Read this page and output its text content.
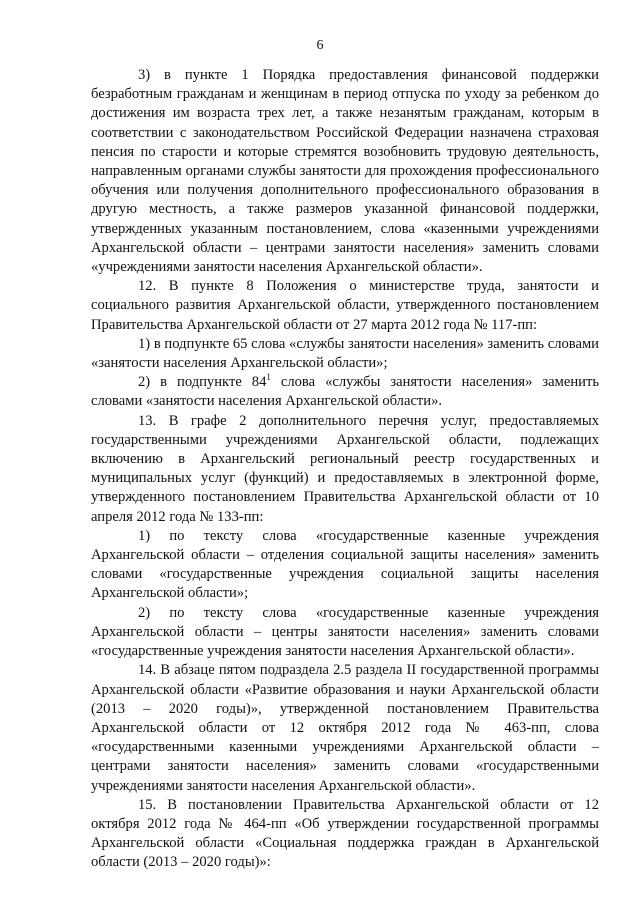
6

3) в пункте 1 Порядка предоставления финансовой поддержки безработным гражданам и женщинам в период отпуска по уходу за ребенком до достижения им возраста трех лет, а также незанятым гражданам, которым в соответствии с законодательством Российской Федерации назначена страховая пенсия по старости и которые стремятся возобновить трудовую деятельность, направленным органами службы занятости для прохождения профессионального обучения или получения дополнительного профессионального образования в другую местность, а также размеров указанной финансовой поддержки, утвержденных указанным постановлением, слова «казенными учреждениями Архангельской области – центрами занятости населения» заменить словами «учреждениями занятости населения Архангельской области».

12. В пункте 8 Положения о министерстве труда, занятости и социального развития Архангельской области, утвержденного постановлением Правительства Архангельской области от 27 марта 2012 года № 117-пп:

1) в подпункте 65 слова «службы занятости населения» заменить словами «занятости населения Архангельской области»;

2) в подпункте $84^1$ слова «службы занятости населения» заменить словами «занятости населения Архангельской области».

13. В графе 2 дополнительного перечня услуг, предоставляемых государственными учреждениями Архангельской области, подлежащих включению в Архангельский региональный реестр государственных и муниципальных услуг (функций) и предоставляемых в электронной форме, утвержденного постановлением Правительства Архангельской области от 10 апреля 2012 года № 133-пп:

1) по тексту слова «государственные казенные учреждения Архангельской области – отделения социальной защиты населения» заменить словами «государственные учреждения социальной защиты населения Архангельской области»;

2) по тексту слова «государственные казенные учреждения Архангельской области – центры занятости населения» заменить словами «государственные учреждения занятости населения Архангельской области».

14. В абзаце пятом подраздела 2.5 раздела II государственной программы Архангельской области «Развитие образования и науки Архангельской области (2013 – 2020 годы)», утвержденной постановлением Правительства Архангельской области от 12 октября 2012 года № 463-пп, слова «государственными казенными учреждениями Архангельской области – центрами занятости населения» заменить словами «государственными учреждениями занятости населения Архангельской области».

15. В постановлении Правительства Архангельской области от 12 октября 2012 года № 464-пп «Об утверждении государственной программы Архангельской области «Социальная поддержка граждан в Архангельской области (2013 – 2020 годы)»:
